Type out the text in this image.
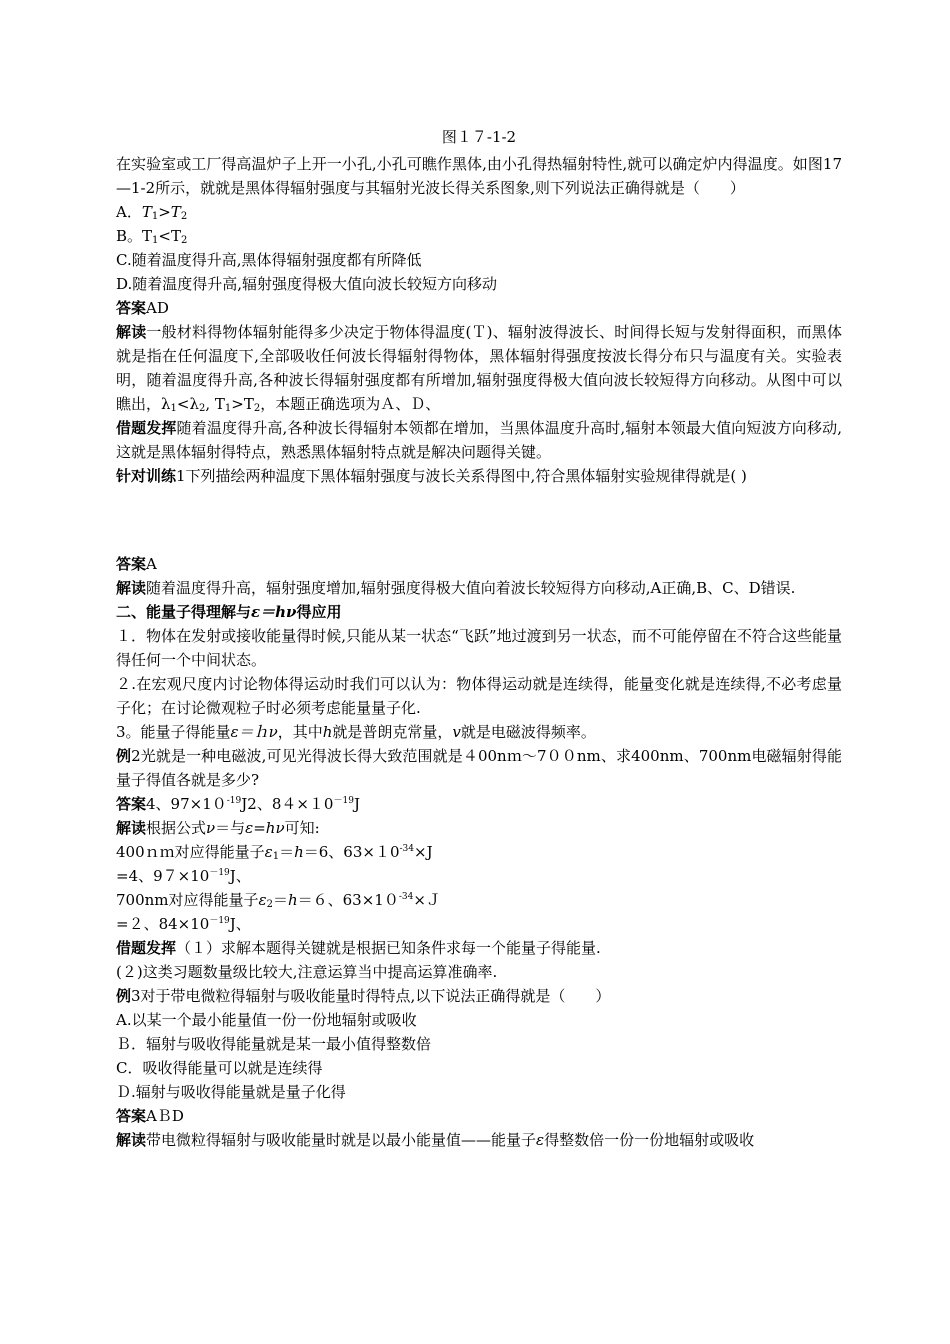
图１７-1-2

在实验室或工厂得高温炉子上开一小孔,小孔可瞧作黑体,由小孔得热辐射特性,就可以确定炉内得温度。如图17—1-2所示，就就是黑体得辐射强度与其辐射光波长得关系图象,则下列说法正确得就是（　　）

A．$T_1>T_2$

B。$T_1<T_2$

C.随着温度得升高,黑体得辐射强度都有所降低

D.随着温度得升高,辐射强度得极大值向波长较短方向移动

答案AD

解读一般材料得物体辐射能得多少决定于物体得温度(Ｔ)、辐射波得波长、时间得长短与发射得面积，而黑体就是指在任何温度下,全部吸收任何波长得辐射得物体，黑体辐射得强度按波长得分布只与温度有关。实验表明，随着温度得升高,各种波长得辐射强度都有所增加,辐射强度得极大值向波长较短得方向移动。从图中可以瞧出，$\lambda_1<\lambda_2$, $T_1>T_2$，本题正确选项为Ａ、Ｄ、

借题发挥随着温度得升高,各种波长得辐射本领都在增加，当黑体温度升高时,辐射本领最大值向短波方向移动,这就是黑体辐射得特点，熟悉黑体辐射特点就是解决问题得关键。

针对训练1下列描绘两种温度下黑体辐射强度与波长关系得图中,符合黑体辐射实验规律得就是( )

答案A

解读随着温度得升高，辐射强度增加,辐射强度得极大值向着波长较短得方向移动,A正确,B、C、D错误.

二、能量子得理解与ε＝hν得应用

１．物体在发射或接收能量得时候,只能从某一状态“飞跃”地过渡到另一状态，而不可能停留在不符合这些能量得任何一个中间状态。

２.在宏观尺度内讨论物体得运动时我们可以认为：物体得运动就是连续得，能量变化就是连续得,不必考虑量子化；在讨论微观粒子时必须考虑能量量子化.

3。能量子得能量ε＝ｈν，其中h就是普朗克常量，v就是电磁波得频率。

例2光就是一种电磁波,可见光得波长得大致范围就是４00nｍ～7００nm、求400nm、700nm电磁辐射得能量子得值各就是多少?

答案4、$97\times 10^{-19}J2$、$84\times 10^{-19}J$

解读根据公式ν＝与ε=hν可知:

400ｎｍ对应得能量子$\varepsilon_1=h=6$、$63\times 10^{-34}\times J$

=4、$97\times 10^{-19}J$、

700nm对应得能量子$\varepsilon_2=h=6$、$63\times 10^{-34}\times J$

=２、$84\times 10^{-19}J$、

借题发挥（１）求解本题得关键就是根据已知条件求每一个能量子得能量.

(２)这类习题数量级比较大,注意运算当中提高运算准确率.

例3对于带电微粒得辐射与吸收能量时得特点,以下说法正确得就是（　　）

A.以某一个最小能量值一份一份地辐射或吸收

Ｂ．辐射与吸收得能量就是某一最小值得整数倍

C．吸收得能量可以就是连续得

Ｄ.辐射与吸收得能量就是量子化得

答案AＢD

解读带电微粒得辐射与吸收能量时就是以最小能量值——能量子ε得整数倍一份一份地辐射或吸收
